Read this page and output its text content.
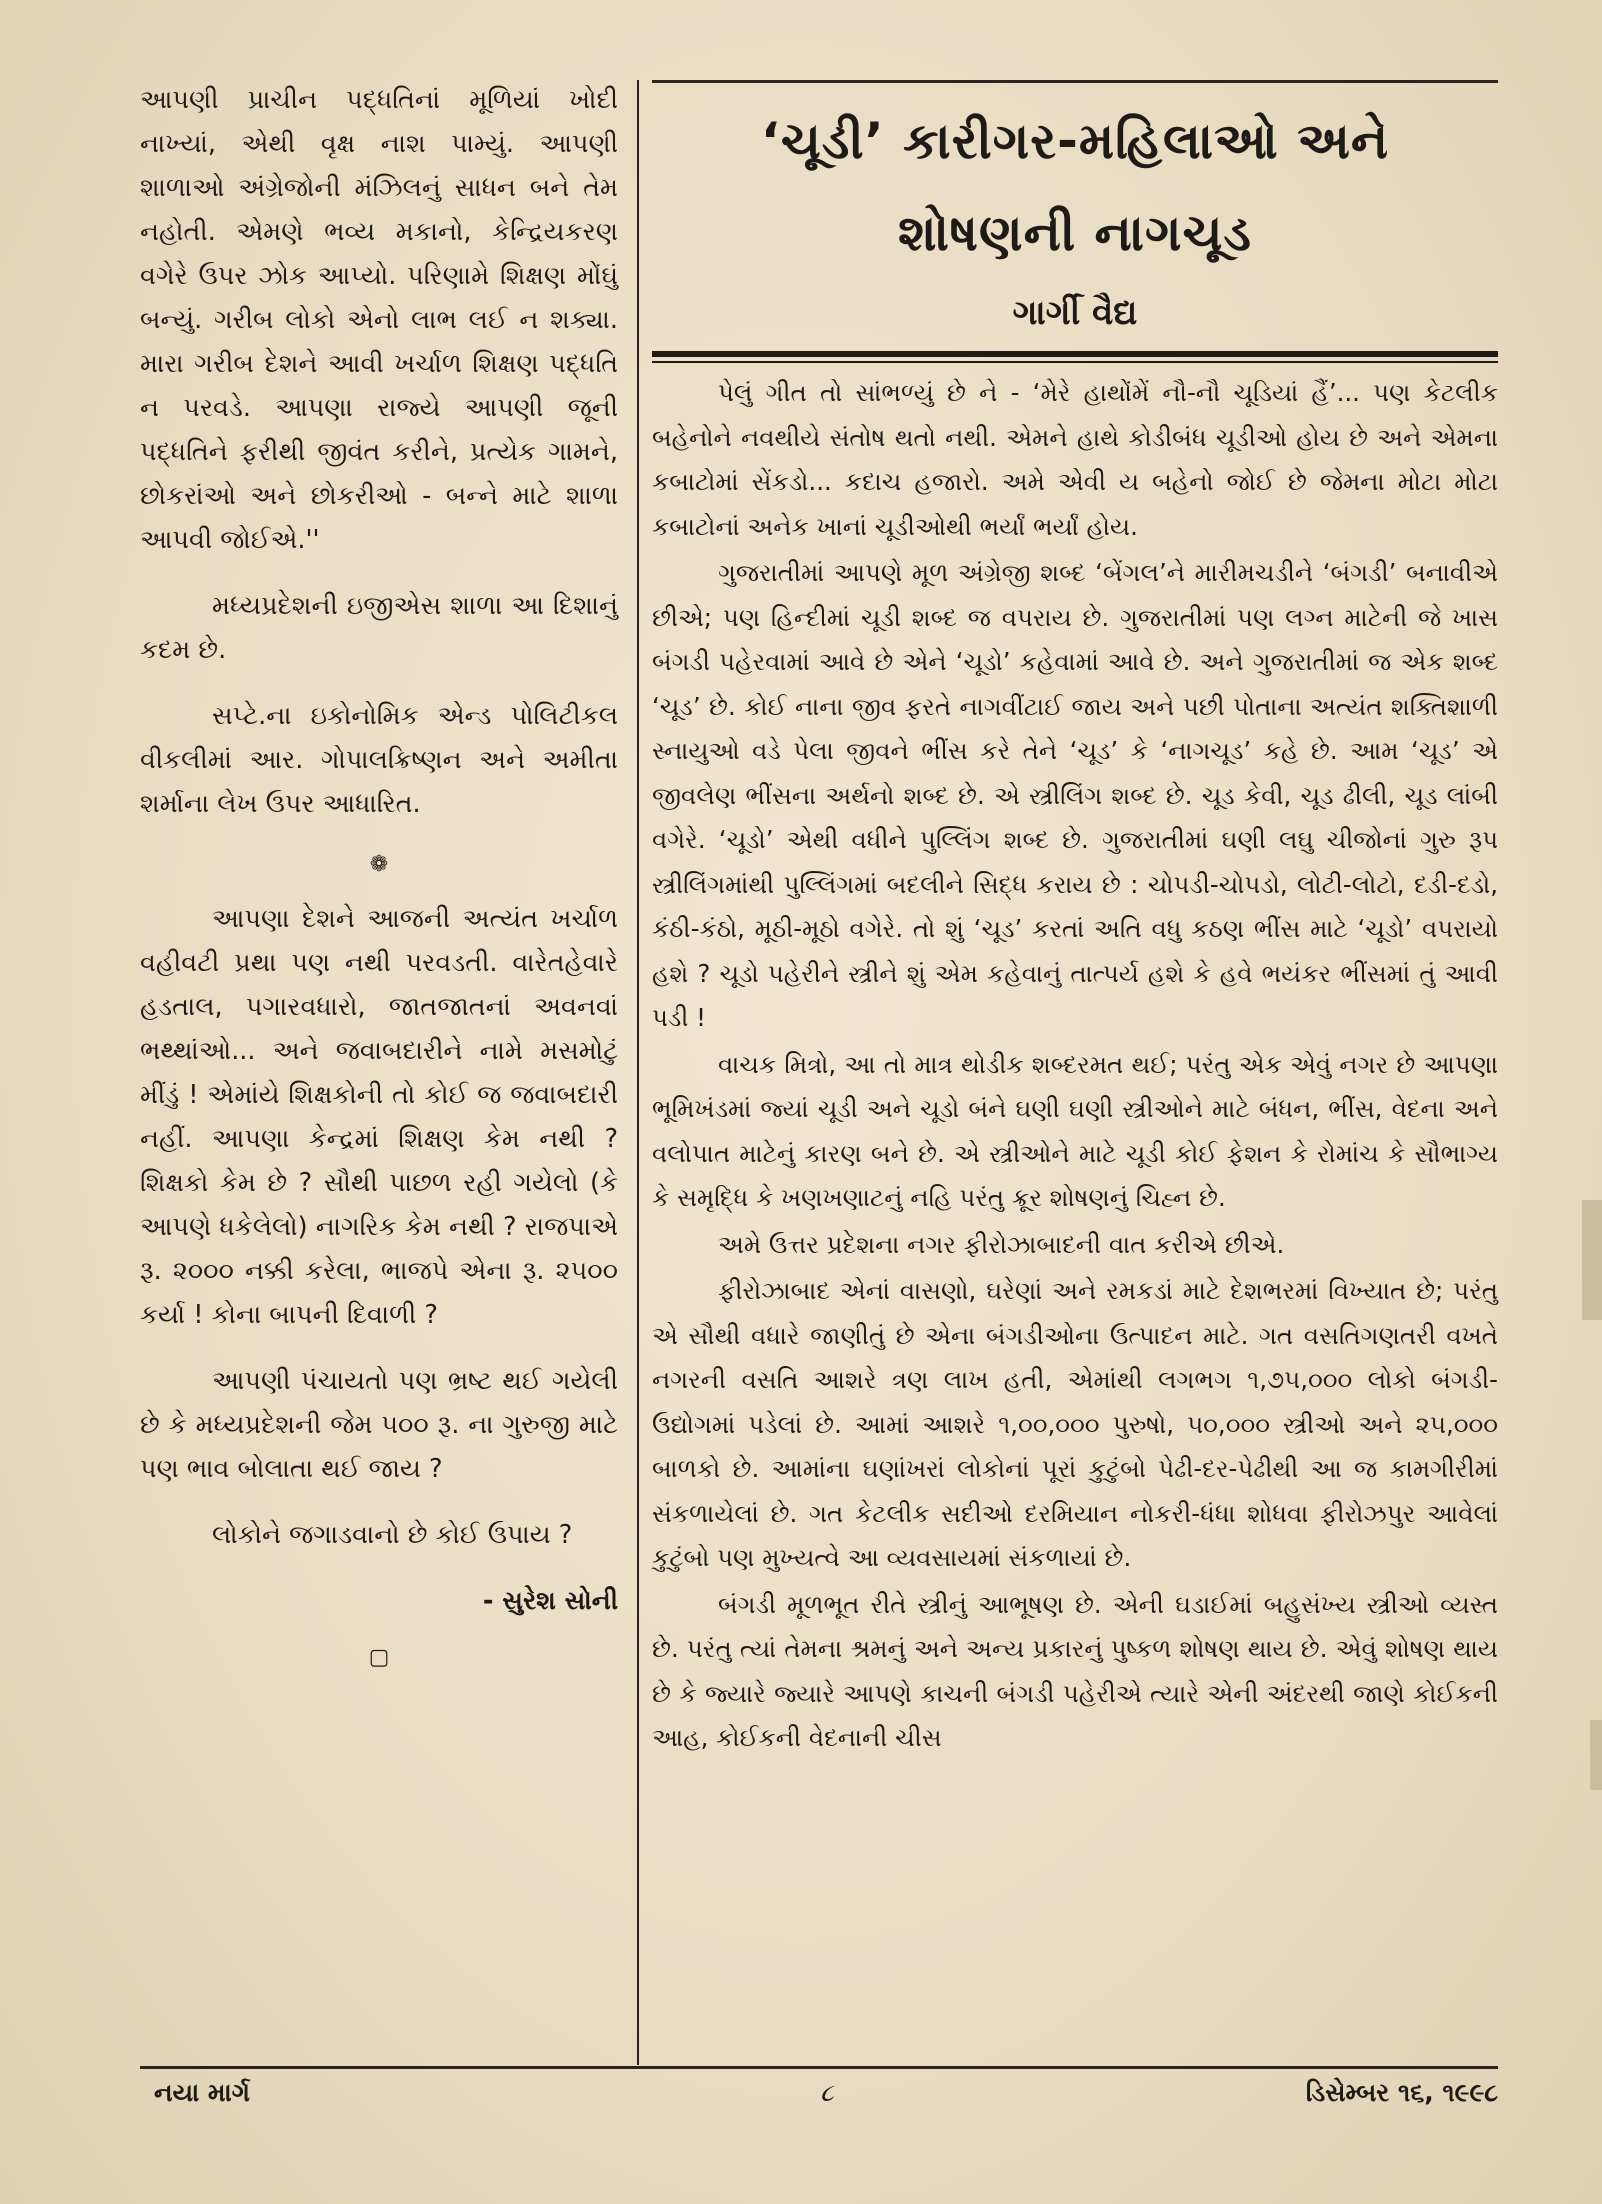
આપણી પ્રાચીન પદ્ધતિનાં મૂળિયાં ખોદી નાખ્યાં, એથી વૃક્ષ નાશ પામ્યું. આપણી શાળાઓ અંગ્રેજોની મંઝિલનું સાધન બને તેમ નહોતી. એમણે ભવ્ય મકાનો, કેન્દ્રિયકરણ વગેરે ઉપર ઝોક આપ્યો. પરિણામે શિક્ષણ મોંઘું બન્યું. ગરીબ લોકો એનો લાભ લઈ ન શક્યા. મારા ગરીબ દેશને આવી ખર્ચાળ શિક્ષણ પદ્ધતિ ન પરવડે. આપણા રાજ્યે આપણી જૂની પદ્ધતિને ફરીથી જીવંત કરીને, પ્રત્યેક ગામને, છોકરાંઓ અને છોકરીઓ - બન્ને માટે શાળા આપવી જોઈએ.''

મધ્યપ્રદેશની ઇજીએસ શાળા આ દિશાનું કદમ છે.

સપ્ટે.ના ઇકોનોમિક એન્ડ પોલિટીકલ વીકલીમાં આર. ગોપાલક્રિષ્ણન અને અમીતા શર્માના લેખ ઉપર આધારિત.

❁

આપણા દેશને આજની અત્યંત ખર્ચાળ વહીવટી પ્રથા પણ નથી પરવડતી. વારેતહેવારે હડતાલ, પગારવધારો, જાતજાતનાં અવનવાં ભથ્થાંઓ... અને જવાબદારીને નામે મસમોટું મીંડું ! એમાંયે શિક્ષકોની તો કોઈ જ જવાબદારી નહીં. આપણા કેન્દ્રમાં શિક્ષણ કેમ નથી ? શિક્ષકો કેમ છે ? સૌથી પાછળ રહી ગયેલો (કે આપણે ધકેલેલો) નાગરિક કેમ નથી ? રાજપાએ રૂ. ૨૦૦૦ નક્કી કરેલા, ભાજપે એના રૂ. ૨૫૦૦ કર્યા ! કોના બાપની દિવાળી ?

આપણી પંચાયતો પણ ભ્રષ્ટ થઈ ગયેલી છે કે મધ્યપ્રદેશની જેમ ૫૦૦ રૂ. ના ગુરુજી માટે પણ ભાવ બોલાતા થઈ જાય ?

લોકોને જગાડવાનો છે કોઈ ઉપાય ?

- સુરેશ સોની

▢
‘ચૂડી’ કારીગર-મહિલાઓ અને
શોષણની નાગચૂડ
ગાર્ગી વૈદ્ય

પેલું ગીત તો સાંભળ્યું છે ને - ‘મેરે હાથોંમેં નૌ-નૌ ચૂડિયાં હૈં’... પણ કેટલીક બહેનોને નવથીયે સંતોષ થતો નથી. એમને હાથે કોડીબંધ ચૂડીઓ હોય છે અને એમના કબાટોમાં સેંકડો... કદાચ હજારો. અમે એવી ય બહેનો જોઈ છે જેમના મોટા મોટા કબાટોનાં અનેક ખાનાં ચૂડીઓથી ભર્યાં ભર્યાં હોય.

ગુજરાતીમાં આપણે મૂળ અંગ્રેજી શબ્દ ‘બેંગલ’ને મારીમચડીને ‘બંગડી’ બનાવીએ છીએ; પણ હિન્દીમાં ચૂડી શબ્દ જ વપરાય છે. ગુજરાતીમાં પણ લગ્ન માટેની જે ખાસ બંગડી પહેરવામાં આવે છે એને ‘ચૂડો’ કહેવામાં આવે છે. અને ગુજરાતીમાં જ એક શબ્દ ‘ચૂડ’ છે. કોઈ નાના જીવ ફરતે નાગવીંટાઈ જાય અને પછી પોતાના અત્યંત શક્તિશાળી સ્નાયુઓ વડે પેલા જીવને ભીંસ કરે તેને ‘ચૂડ’ કે ‘નાગચૂડ’ કહે છે. આમ ‘ચૂડ’ એ જીવલેણ ભીંસના અર્થનો શબ્દ છે. એ સ્ત્રીલિંગ શબ્દ છે. ચૂડ કેવી, ચૂડ ઢીલી, ચૂડ લાંબી વગેરે. ‘ચૂડો’ એથી વધીને પુલ્લિંગ શબ્દ છે. ગુજરાતીમાં ઘણી લઘુ ચીજોનાં ગુરુ રૂપ સ્ત્રીલિંગમાંથી પુલ્લિંગમાં બદલીને સિદ્ધ કરાય છે : ચોપડી-ચોપડો, લોટી-લોટો, દડી-દડો, કંઠી-કંઠો, મૂઠી-મૂઠો વગેરે. તો શું ‘ચૂડ’ કરતાં અતિ વધુ કઠણ ભીંસ માટે ‘ચૂડો’ વપરાયો હશે ? ચૂડો પહેરીને સ્ત્રીને શું એમ કહેવાનું તાત્પર્ય હશે કે હવે ભયંકર ભીંસમાં તું આવી પડી !

વાચક મિત્રો, આ તો માત્ર થોડીક શબ્દરમત થઈ; પરંતુ એક એવું નગર છે આપણા ભૂમિખંડમાં જ્યાં ચૂડી અને ચૂડો બંને ઘણી ઘણી સ્ત્રીઓને માટે બંધન, ભીંસ, વેદના અને વલોપાત માટેનું કારણ બને છે. એ સ્ત્રીઓને માટે ચૂડી કોઈ ફેશન કે રોમાંચ કે સૌભાગ્ય કે સમૃદ્ધિ કે ખણખણાટનું નહિ પરંતુ ક્રૂર શોષણનું ચિહ્ન છે.

અમે ઉત્તર પ્રદેશના નગર ફીરોઝાબાદની વાત કરીએ છીએ.

ફીરોઝાબાદ એનાં વાસણો, ઘરેણાં અને રમકડાં માટે દેશભરમાં વિખ્યાત છે; પરંતુ એ સૌથી વધારે જાણીતું છે એના બંગડીઓના ઉત્પાદન માટે. ગત વસતિગણતરી વખતે નગરની વસતિ આશરે ત્રણ લાખ હતી, એમાંથી લગભગ ૧,૭૫,૦૦૦ લોકો બંગડી-ઉદ્યોગમાં પડેલાં છે. આમાં આશરે ૧,૦૦,૦૦૦ પુરુષો, ૫૦,૦૦૦ સ્ત્રીઓ અને ૨૫,૦૦૦ બાળકો છે. આમાંના ઘણાંખરાં લોકોનાં પૂરાં કુટુંબો પેઢી-દર-પેઢીથી આ જ કામગીરીમાં સંકળાયેલાં છે. ગત કેટલીક સદીઓ દરમિયાન નોકરી-ધંધા શોધવા ફીરોઝપુર આવેલાં કુટુંબો પણ મુખ્યત્વે આ વ્યવસાયમાં સંકળાયાં છે.

બંગડી મૂળભૂત રીતે સ્ત્રીનું આભૂષણ છે. એની ઘડાઈમાં બહુસંખ્ય સ્ત્રીઓ વ્યસ્ત છે. પરંતુ ત્યાં તેમના શ્રમનું અને અન્ય પ્રકારનું પુષ્કળ શોષણ થાય છે. એવું શોષણ થાય છે કે જ્યારે જ્યારે આપણે કાચની બંગડી પહેરીએ ત્યારે એની અંદરથી જાણે કોઈકની આહ, કોઈકની વેદનાની ચીસ

નયા માર્ગ	૮	ડિસેમ્બર ૧૬, ૧૯૯૮
